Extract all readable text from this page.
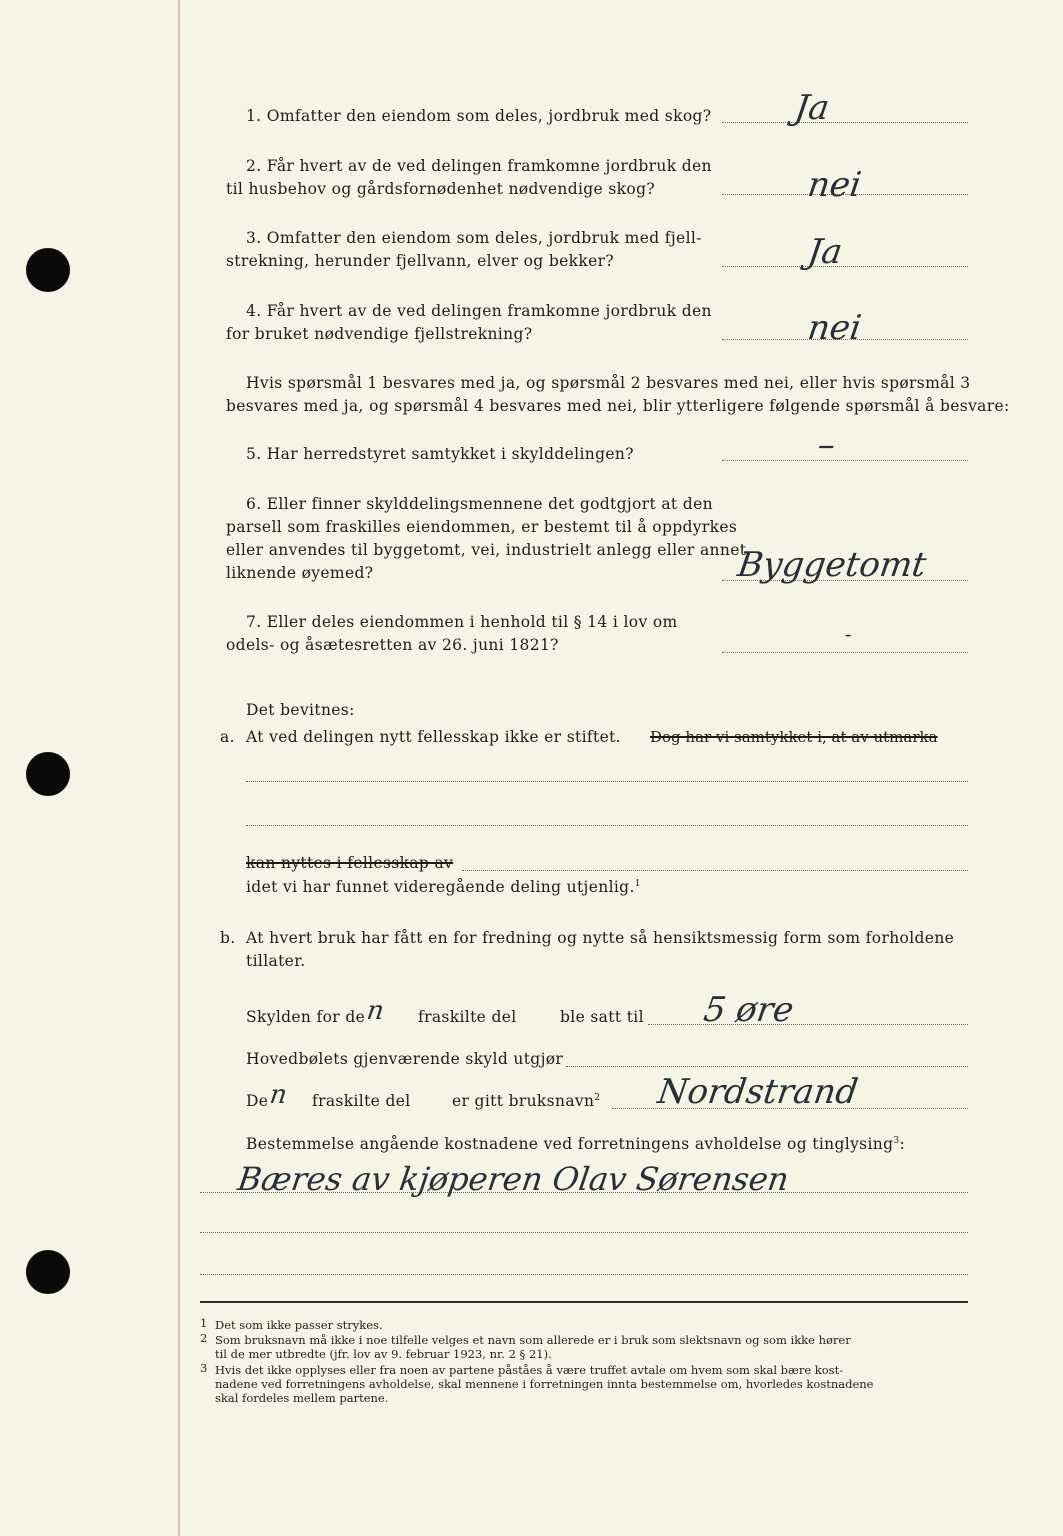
1. Omfatter den eiendom som deles, jordbruk med skog? Ja
2. Får hvert av de ved delingen framkomne jordbruk den
til husbehov og gårdsfornødenhet nødvendige skog?	nei
3. Omfatter den eiendom som deles, jordbruk med fjell-
strekning, herunder fjellvann, elver og bekker?	Ja
4. Får hvert av de ved delingen framkomne jordbruk den
for bruket nødvendige fjellstrekning?	nei
Hvis spørsmål 1 besvares med ja, og spørsmål 2 besvares med nei, eller hvis spørsmål 3
besvares med ja, og spørsmål 4 besvares med nei, blir ytterligere følgende spørsmål å besvare:
5. Har herredstyret samtykket i skylddelingen?	–
6. Eller finner skylddelingsmennene det godtgjort at den
parsell som fraskilles eiendommen, er bestemt til å oppdyrkes
eller anvendes til byggetomt, vei, industrielt anlegg eller annet
liknende øyemed?	Byggetomt
7. Eller deles eiendommen i henhold til § 14 i lov om
odels- og åsætesretten av 26. juni 1821?	-
Det bevitnes:
a. At ved delingen nytt fellesskap ikke er stiftet. Dog har vi samtykket i, at av utmarka
kan nyttes i fellesskap av
idet vi har funnet videregående deling utjenlig.$^1$
b. At hvert bruk har fått en for fredning og nytte så hensiktsmessig form som forholdene
tillater.
Skylden for de n fraskilte del	ble satt til 5 øre
Hovedbølets gjenværende skyld utgjør
De n fraskilte del	er gitt bruksnavn$^2$ Nordstrand
Bestemmelse angående kostnadene ved forretningens avholdelse og tinglysing$^3$:
Bæres av kjøperen Olav Sørensen
1 Det som ikke passer strykes.
2 Som bruksnavn må ikke i noe tilfelle velges et navn som allerede er i bruk som slektsnavn og som ikke hører
til de mer utbredte (jfr. lov av 9. februar 1923, nr. 2 § 21).
3 Hvis det ikke opplyses eller fra noen av partene påståes å være truffet avtale om hvem som skal bære kost-
nadene ved forretningens avholdelse, skal mennene i forretningen innta bestemmelse om, hvorledes kostnadene
skal fordeles mellem partene.
